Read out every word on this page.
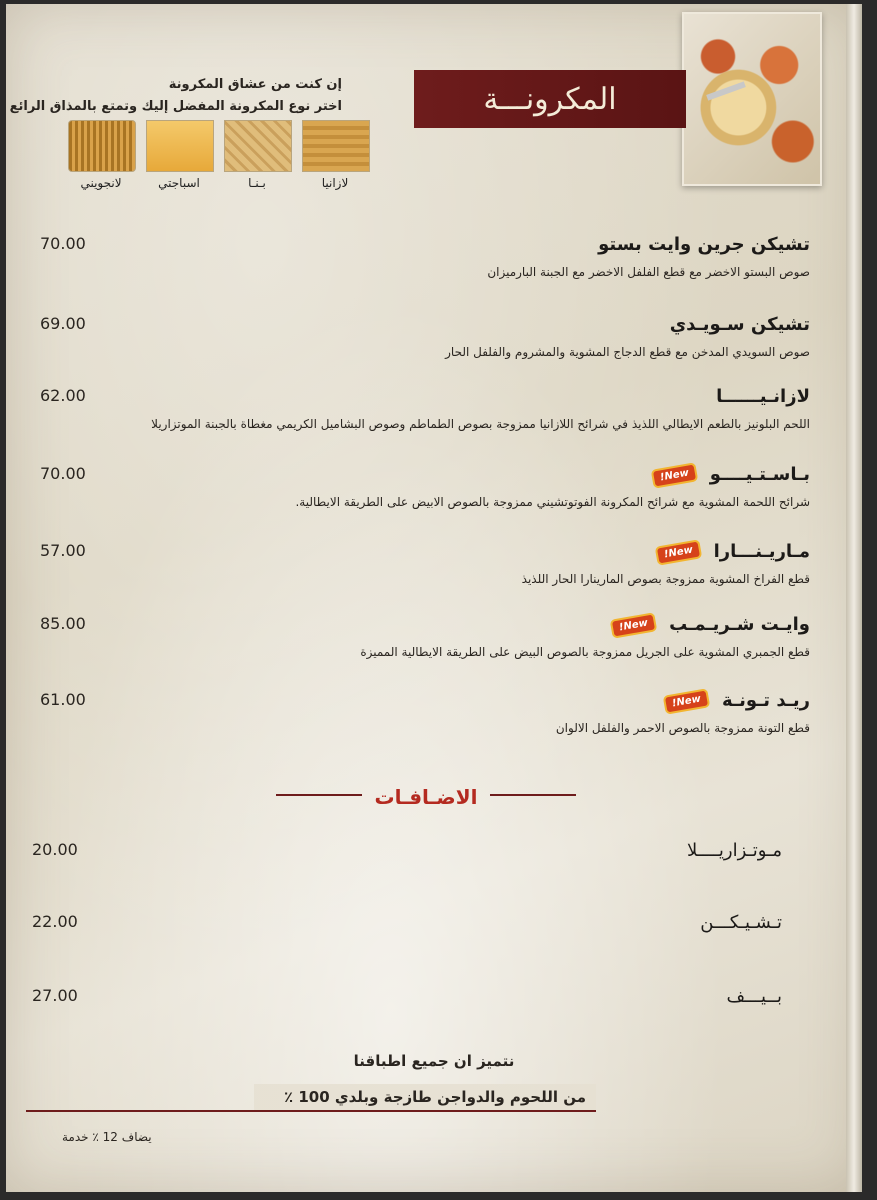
المكرونـــة
إن كنت من عشاق المكرونة
اختر نوع المكرونة المفضل إليك وتمتع بالمذاق الرائع
لانجويني	اسباجتي	بـنـا	لازانيا
تشيكن جرين وايت بستو
صوص البستو الاخضر مع قطع الفلفل الاخضر مع الجبنة البارميزان
70.00
تشيكن سـويـدي
صوص السويدي المدخن مع قطع الدجاج المشوية والمشروم والفلفل الحار
69.00
لازانـيــــــا
اللحم البلونيز بالطعم الايطالي اللذيذ في شرائح اللازانيا ممزوجة بصوص الطماطم وصوص البشاميل الكريمي مغطاة بالجبنة الموتزاريلا
62.00
بـاسـتـيــــو New!
شرائح اللحمة المشوية مع شرائح المكرونة الفوتوتشيني ممزوجة بالصوص الابيض على الطريقة الايطالية.
70.00
مـاريـنـــارا New!
قطع الفراخ المشوية ممزوجة بصوص المارينارا الحار اللذيذ
57.00
وايـت شـريـمـب New!
قطع الجمبري المشوية على الجريل ممزوجة بالصوص البيض على الطريقة الايطالية المميزة
85.00
ريـد تـونـة New!
قطع التونة ممزوجة بالصوص الاحمر والفلفل الالوان
61.00
الاضـافـات
مـوتـزاريــــلا
20.00
تـشـيـكـــن
22.00
بــيـــف
27.00
نتميز ان جميع اطباقنا
من اللحوم والدواجن طازجة وبلدي 100 ٪
يضاف 12 ٪ خدمة
